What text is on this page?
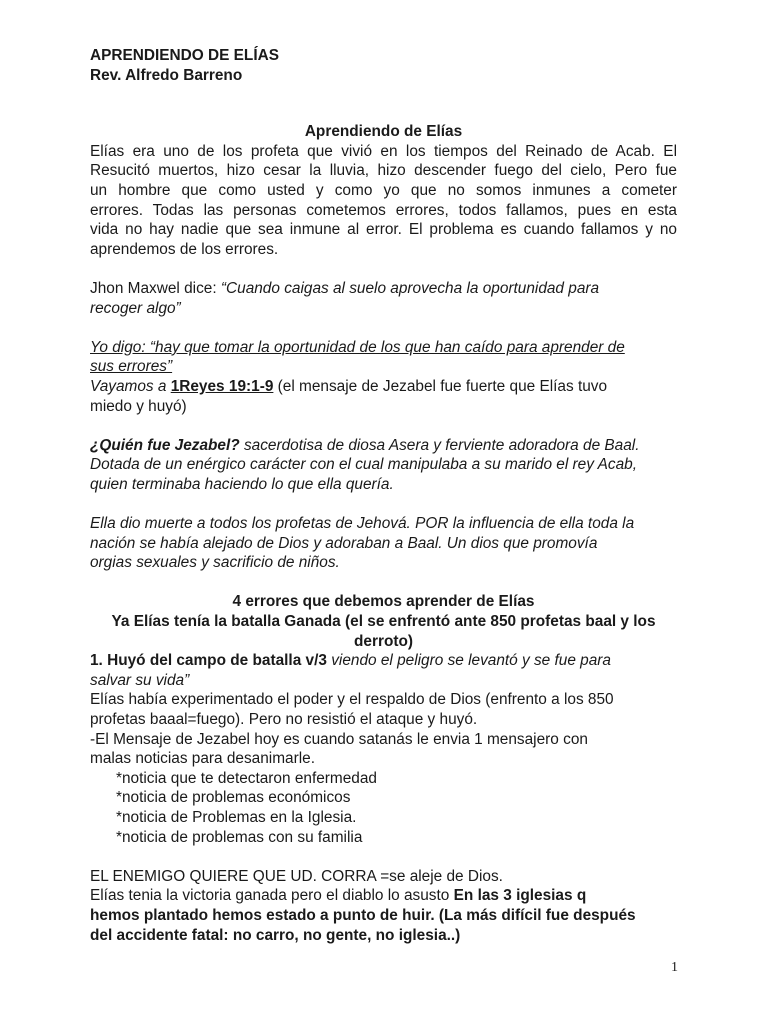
APRENDIENDO DE ELÍAS

Rev. Alfredo Barreno

Aprendiendo de Elías

Elías era uno de los profeta que vivió en los tiempos del Reinado de Acab. El

Resucitó muertos, hizo cesar la lluvia, hizo descender fuego del cielo, Pero fue

un hombre que como usted y como yo que no somos inmunes a cometer

errores. Todas las personas cometemos errores, todos fallamos, pues en esta

vida no hay nadie que sea inmune al error. El problema es cuando fallamos y no

aprendemos de los errores.

Jhon Maxwel dice: “Cuando caigas al suelo aprovecha la oportunidad para

recoger algo”

Yo digo: “hay que tomar la oportunidad de los que han caído para aprender de

sus errores”

Vayamos a 1Reyes 19:1-9 (el mensaje de Jezabel fue fuerte que Elías tuvo

miedo y huyó)

¿Quién fue Jezabel? sacerdotisa de diosa Asera y ferviente adoradora de Baal.

Dotada de un enérgico carácter con el cual manipulaba a su marido el rey Acab,

quien terminaba haciendo lo que ella quería.

Ella dio muerte a todos los profetas de Jehová. POR la influencia de ella toda la

nación se había alejado de Dios y adoraban a Baal. Un dios que promovía

orgias sexuales y sacrificio de niños.

4 errores que debemos aprender de Elías

Ya Elías tenía la batalla Ganada (el se enfrentó ante 850 profetas baal y los

derroto)

1. Huyó del campo de batalla v/3 viendo el peligro se levantó y se fue para

salvar su vida”

Elías había experimentado el poder y el respaldo de Dios (enfrento a los 850

profetas baaal=fuego). Pero no resistió el ataque y huyó.

-El Mensaje de Jezabel hoy es cuando satanás le envia 1 mensajero con

malas noticias para desanimarle.

*noticia que te detectaron enfermedad

*noticia de problemas económicos

*noticia de Problemas en la Iglesia.

*noticia de problemas con su familia

EL ENEMIGO QUIERE QUE UD. CORRA =se aleje de Dios.

Elías tenia la victoria ganada pero el diablo lo asusto En las 3 iglesias q

hemos plantado hemos estado a punto de huir. (La más difícil fue después

del accidente fatal: no carro, no gente, no iglesia..)

1
